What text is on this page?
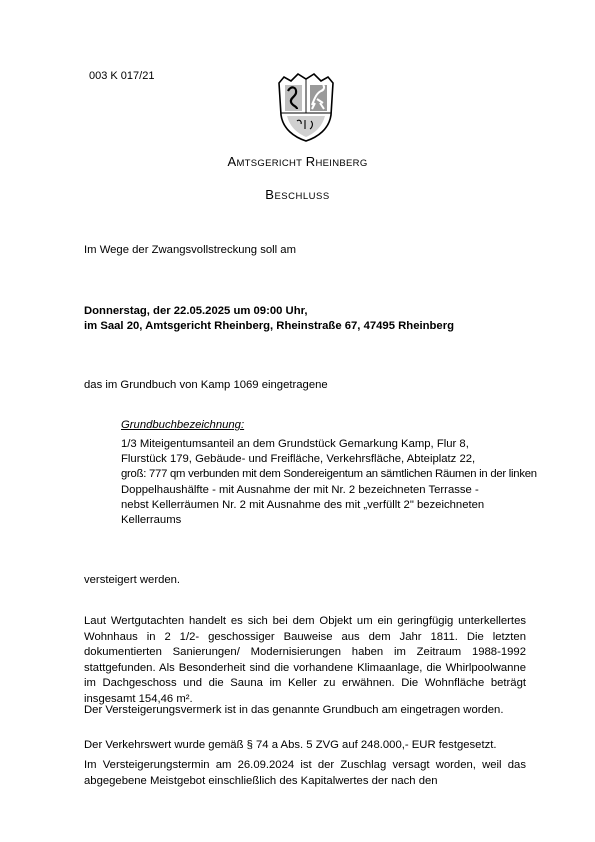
003 K 017/21
AMTSGERICHT RHEINBERG
BESCHLUSS
Im Wege der Zwangsvollstreckung soll am
Donnerstag, der 22.05.2025 um 09:00 Uhr,
im Saal 20, Amtsgericht Rheinberg, Rheinstraße 67, 47495 Rheinberg
das im Grundbuch von Kamp 1069 eingetragene
Grundbuchbezeichnung:
1/3 Miteigentumsanteil an dem Grundstück Gemarkung Kamp, Flur 8,
Flurstück 179, Gebäude- und Freifläche, Verkehrsfläche, Abteiplatz 22,
groß: 777 qm verbunden mit dem Sondereigentum an sämtlichen Räumen in der linken
Doppelhaushälfte - mit Ausnahme der mit Nr. 2 bezeichneten Terrasse -
nebst Kellerräumen Nr. 2 mit Ausnahme des mit „verfüllt 2" bezeichneten
Kellerraums
versteigert werden.
Laut Wertgutachten handelt es sich bei dem Objekt um ein geringfügig unterkellertes Wohnhaus in 2 1/2- geschossiger Bauweise aus dem Jahr 1811. Die letzten dokumentierten Sanierungen/ Modernisierungen haben im Zeitraum 1988-1992 stattgefunden. Als Besonderheit sind die vorhandene Klimaanlage, die Whirlpoolwanne im Dachgeschoss und die Sauna im Keller zu erwähnen. Die Wohnfläche beträgt insgesamt 154,46 m².
Der Versteigerungsvermerk ist in das genannte Grundbuch am eingetragen worden.
Der Verkehrswert wurde gemäß § 74 a Abs. 5 ZVG auf 248.000,- EUR festgesetzt.
Im Versteigerungstermin am 26.09.2024 ist der Zuschlag versagt worden, weil das abgegebene Meistgebot einschließlich des Kapitalwertes der nach den
